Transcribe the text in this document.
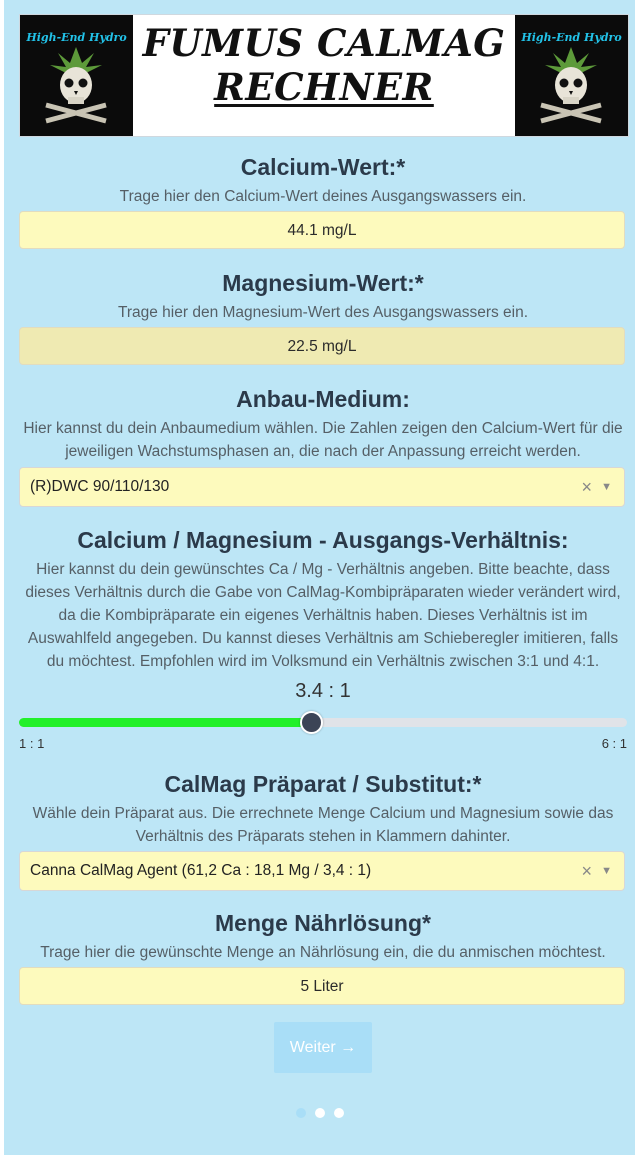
High-End Hydro FUMUS CALMAG
RECHNER
High-End Hydro
Calcium-Wert:*

Trage hier den Calcium-Wert deines Ausgangswassers ein.

44.1 mg/L
Magnesium-Wert:*

Trage hier den Magnesium-Wert des Ausgangswassers ein.

22.5 mg/L
Anbau-Medium:

Hier kannst du dein Anbaumedium wählen. Die Zahlen zeigen den Calcium-Wert für die jeweiligen Wachstumsphasen an, die nach der Anpassung erreicht werden.

(R)DWC 90/110/130	× ▼
Calcium / Magnesium - Ausgangs-Verhältnis:

Hier kannst du dein gewünschtes Ca / Mg - Verhältnis angeben. Bitte beachte, dass dieses Verhältnis durch die Gabe von CalMag-Kombipräparaten wieder verändert wird, da die Kombipräparate ein eigenes Verhältnis haben. Dieses Verhältnis ist im Auswahlfeld angegeben. Du kannst dieses Verhältnis am Schieberegler imitieren, falls du möchtest. Empfohlen wird im Volksmund ein Verhältnis zwischen 3:1 und 4:1.

3.4 : 1
1 : 1	6 : 1
CalMag Präparat / Substitut:*

Wähle dein Präparat aus. Die errechnete Menge Calcium und Magnesium sowie das Verhältnis des Präparats stehen in Klammern dahinter.

Canna CalMag Agent (61,2 Ca : 18,1 Mg / 3,4 : 1)	× ▼
Menge Nährlösung*

Trage hier die gewünschte Menge an Nährlösung ein, die du anmischen möchtest.

5 Liter
Weiter →
